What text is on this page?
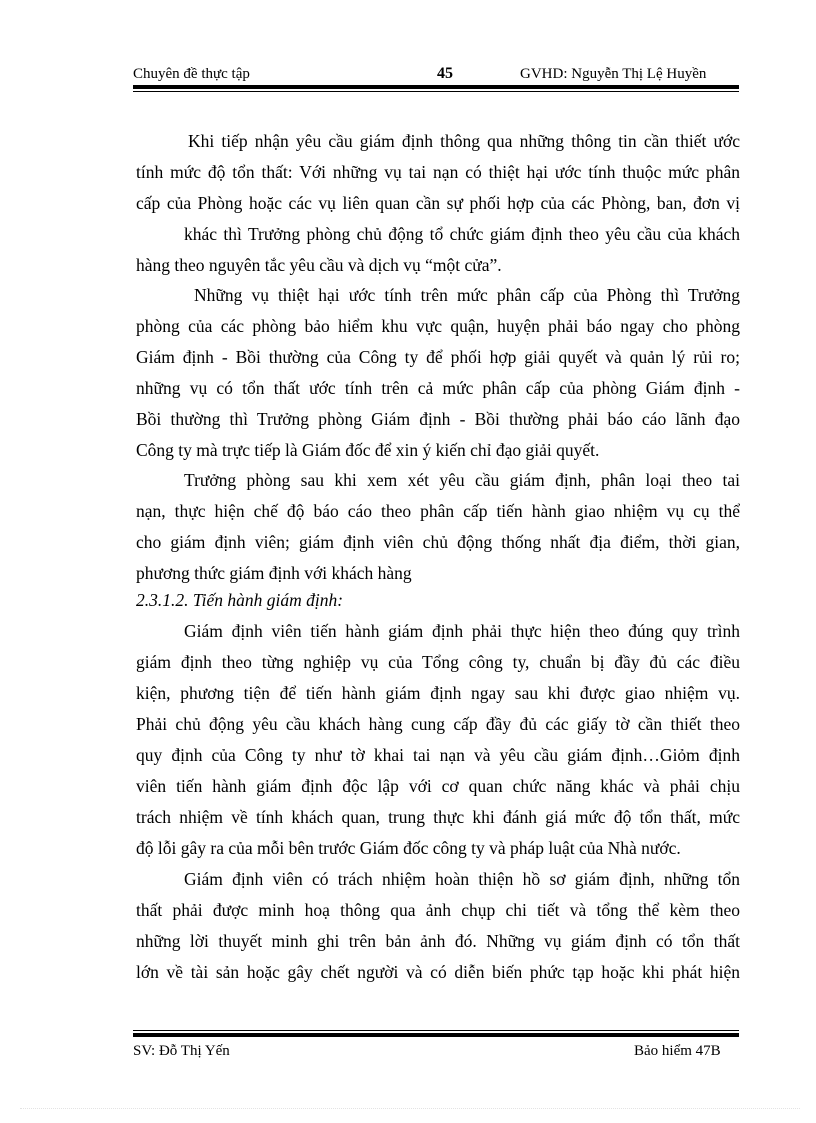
Chuyên đề thực tập	45	GVHD: Nguyễn Thị Lệ Huyền
Khi tiếp nhận yêu cầu giám định thông qua những thông tin cần thiết ước
tính mức độ tổn thất: Với những vụ tai nạn có thiệt hại ước tính thuộc mức phân
cấp của Phòng hoặc các vụ liên quan cần sự phối hợp của các Phòng, ban, đơn vị
khác thì Trưởng phòng chủ động tổ chức giám định theo yêu cầu của khách
hàng theo nguyên tắc yêu cầu và dịch vụ “một cửa”.
Những vụ thiệt hại ước tính trên mức phân cấp của Phòng thì Trưởng
phòng của các phòng bảo hiểm khu vực quận, huyện phải báo ngay cho phòng
Giám định - Bồi thường của Công ty để phối hợp giải quyết và quản lý rủi ro;
những vụ có tổn thất ước tính trên cả mức phân cấp của phòng Giám định -
Bồi thường thì Trưởng phòng Giám định - Bồi thường phải báo cáo lãnh đạo
Công ty mà trực tiếp là Giám đốc để xin ý kiến chỉ đạo giải quyết.
Trưởng phòng sau khi xem xét yêu cầu giám định, phân loại theo tai
nạn, thực hiện chế độ báo cáo theo phân cấp tiến hành giao nhiệm vụ cụ thể
cho giám định viên; giám định viên chủ động thống nhất địa điểm, thời gian,
phương thức giám định với khách hàng
2.3.1.2. Tiến hành giám định:
Giám định viên tiến hành giám định phải thực hiện theo đúng quy trình
giám định theo từng nghiệp vụ của Tổng công ty, chuẩn bị đầy đủ các điều
kiện, phương tiện để tiến hành giám định ngay sau khi được giao nhiệm vụ.
Phải chủ động yêu cầu khách hàng cung cấp đầy đủ các giấy tờ cần thiết theo
quy định của Công ty như tờ khai tai nạn và yêu cầu giám định…Giỏm định
viên tiến hành giám định độc lập với cơ quan chức năng khác và phải chịu
trách nhiệm về tính khách quan, trung thực khi đánh giá mức độ tổn thất, mức
độ lỗi gây ra của mỗi bên trước Giám đốc công ty và pháp luật của Nhà nước.
Giám định viên có trách nhiệm hoàn thiện hồ sơ giám định, những tổn
thất phải được minh hoạ thông qua ảnh chụp chi tiết và tổng thể kèm theo
những lời thuyết minh ghi trên bản ảnh đó. Những vụ giám định có tổn thất
lớn về tài sản hoặc gây chết người và có diễn biến phức tạp hoặc khi phát hiện
SV: Đỗ Thị Yến	Bảo hiểm 47B
